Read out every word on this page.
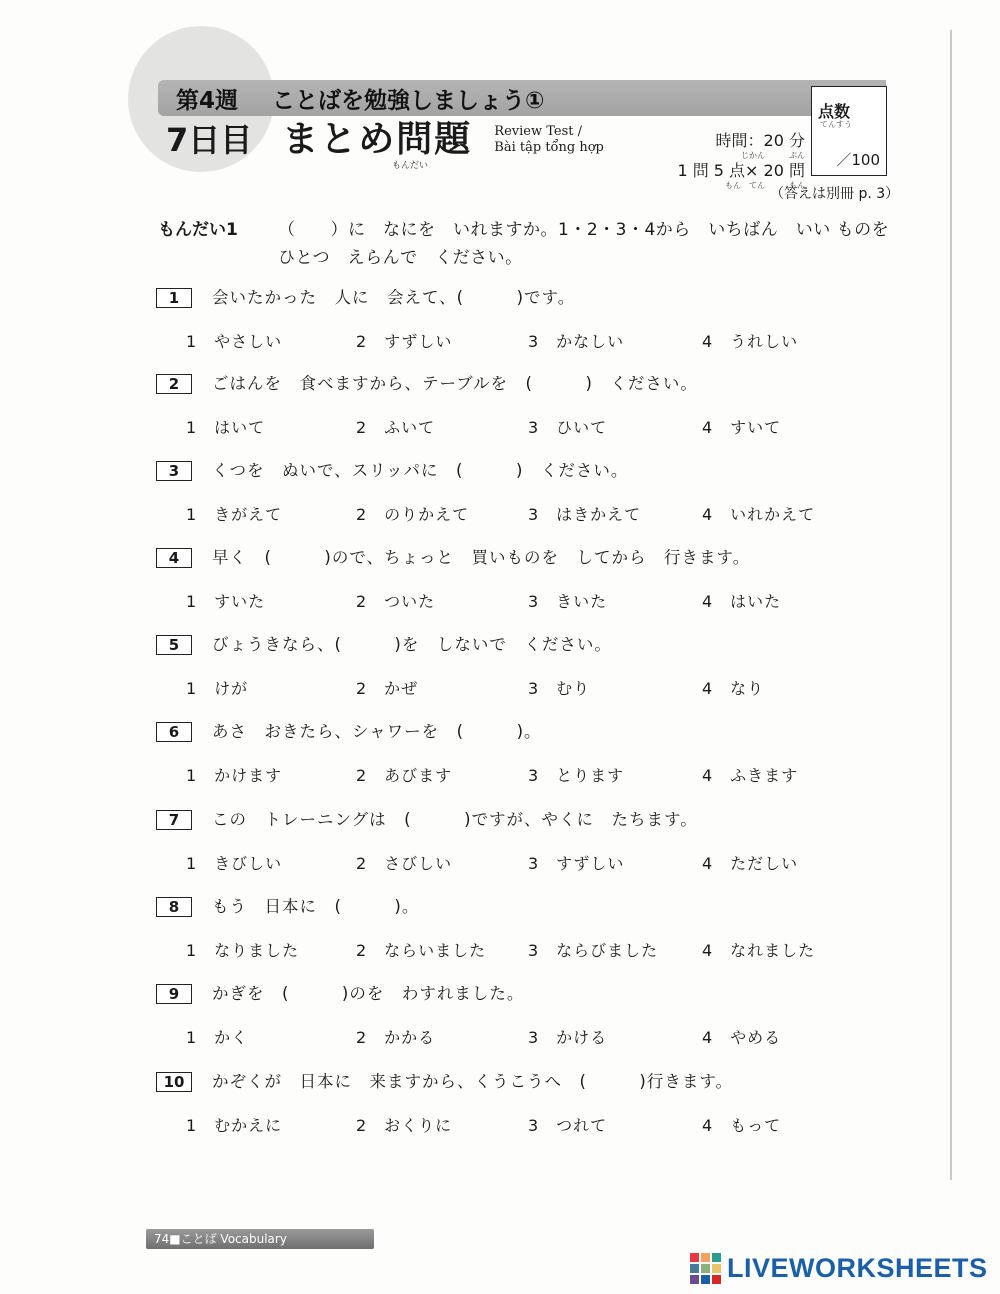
第4週 ことばを勉強しましょう①
7日目 まとめ問題 Review Test /
Bài tập tổng hợp
もんだい
時間：20 分
じかん　　　ぷん
1 問 5 点× 20 問
もん　てん　　　もん
点数
てんすう
／100
（答えは別冊 p. 3）
もんだい1 （　　）に　なにを　いれますか。1・2・3・4から　いちばん　いい ものを　ひとつ　えらんで　ください。
1	会いたかった　人に　会えて、(　　　)です。
1　やさしい	2　すずしい	3　かなしい	4　うれしい
2	ごはんを　食べますから、テーブルを　(　　　)　ください。
1　はいて	2　ふいて	3　ひいて	4　すいて
3	くつを　ぬいで、スリッパに　(　　　)　ください。
1　きがえて	2　のりかえて	3　はきかえて	4　いれかえて
4	早く　(　　　)ので、ちょっと　買いものを　してから　行きます。
1　すいた	2　ついた	3　きいた	4　はいた
5	びょうきなら、(　　　)を　しないで　ください。
1　けが	2　かぜ	3　むり	4　なり
6	あさ　おきたら、シャワーを　(　　　)。
1　かけます	2　あびます	3　とります	4　ふきます
7	この　トレーニングは　(　　　)ですが、やくに　たちます。
1　きびしい	2　さびしい	3　すずしい	4　ただしい
8	もう　日本に　(　　　)。
1　なりました	2　ならいました	3　ならびました	4　なれました
9	かぎを　(　　　)のを　わすれました。
1　かく	2　かかる	3　かける	4　やめる
10	かぞくが　日本に　来ますから、くうこうへ　(　　　)行きます。
1　むかえに	2　おくりに	3　つれて	4　もって
74■ことば Vocabulary
LIVEWORKSHEETS
